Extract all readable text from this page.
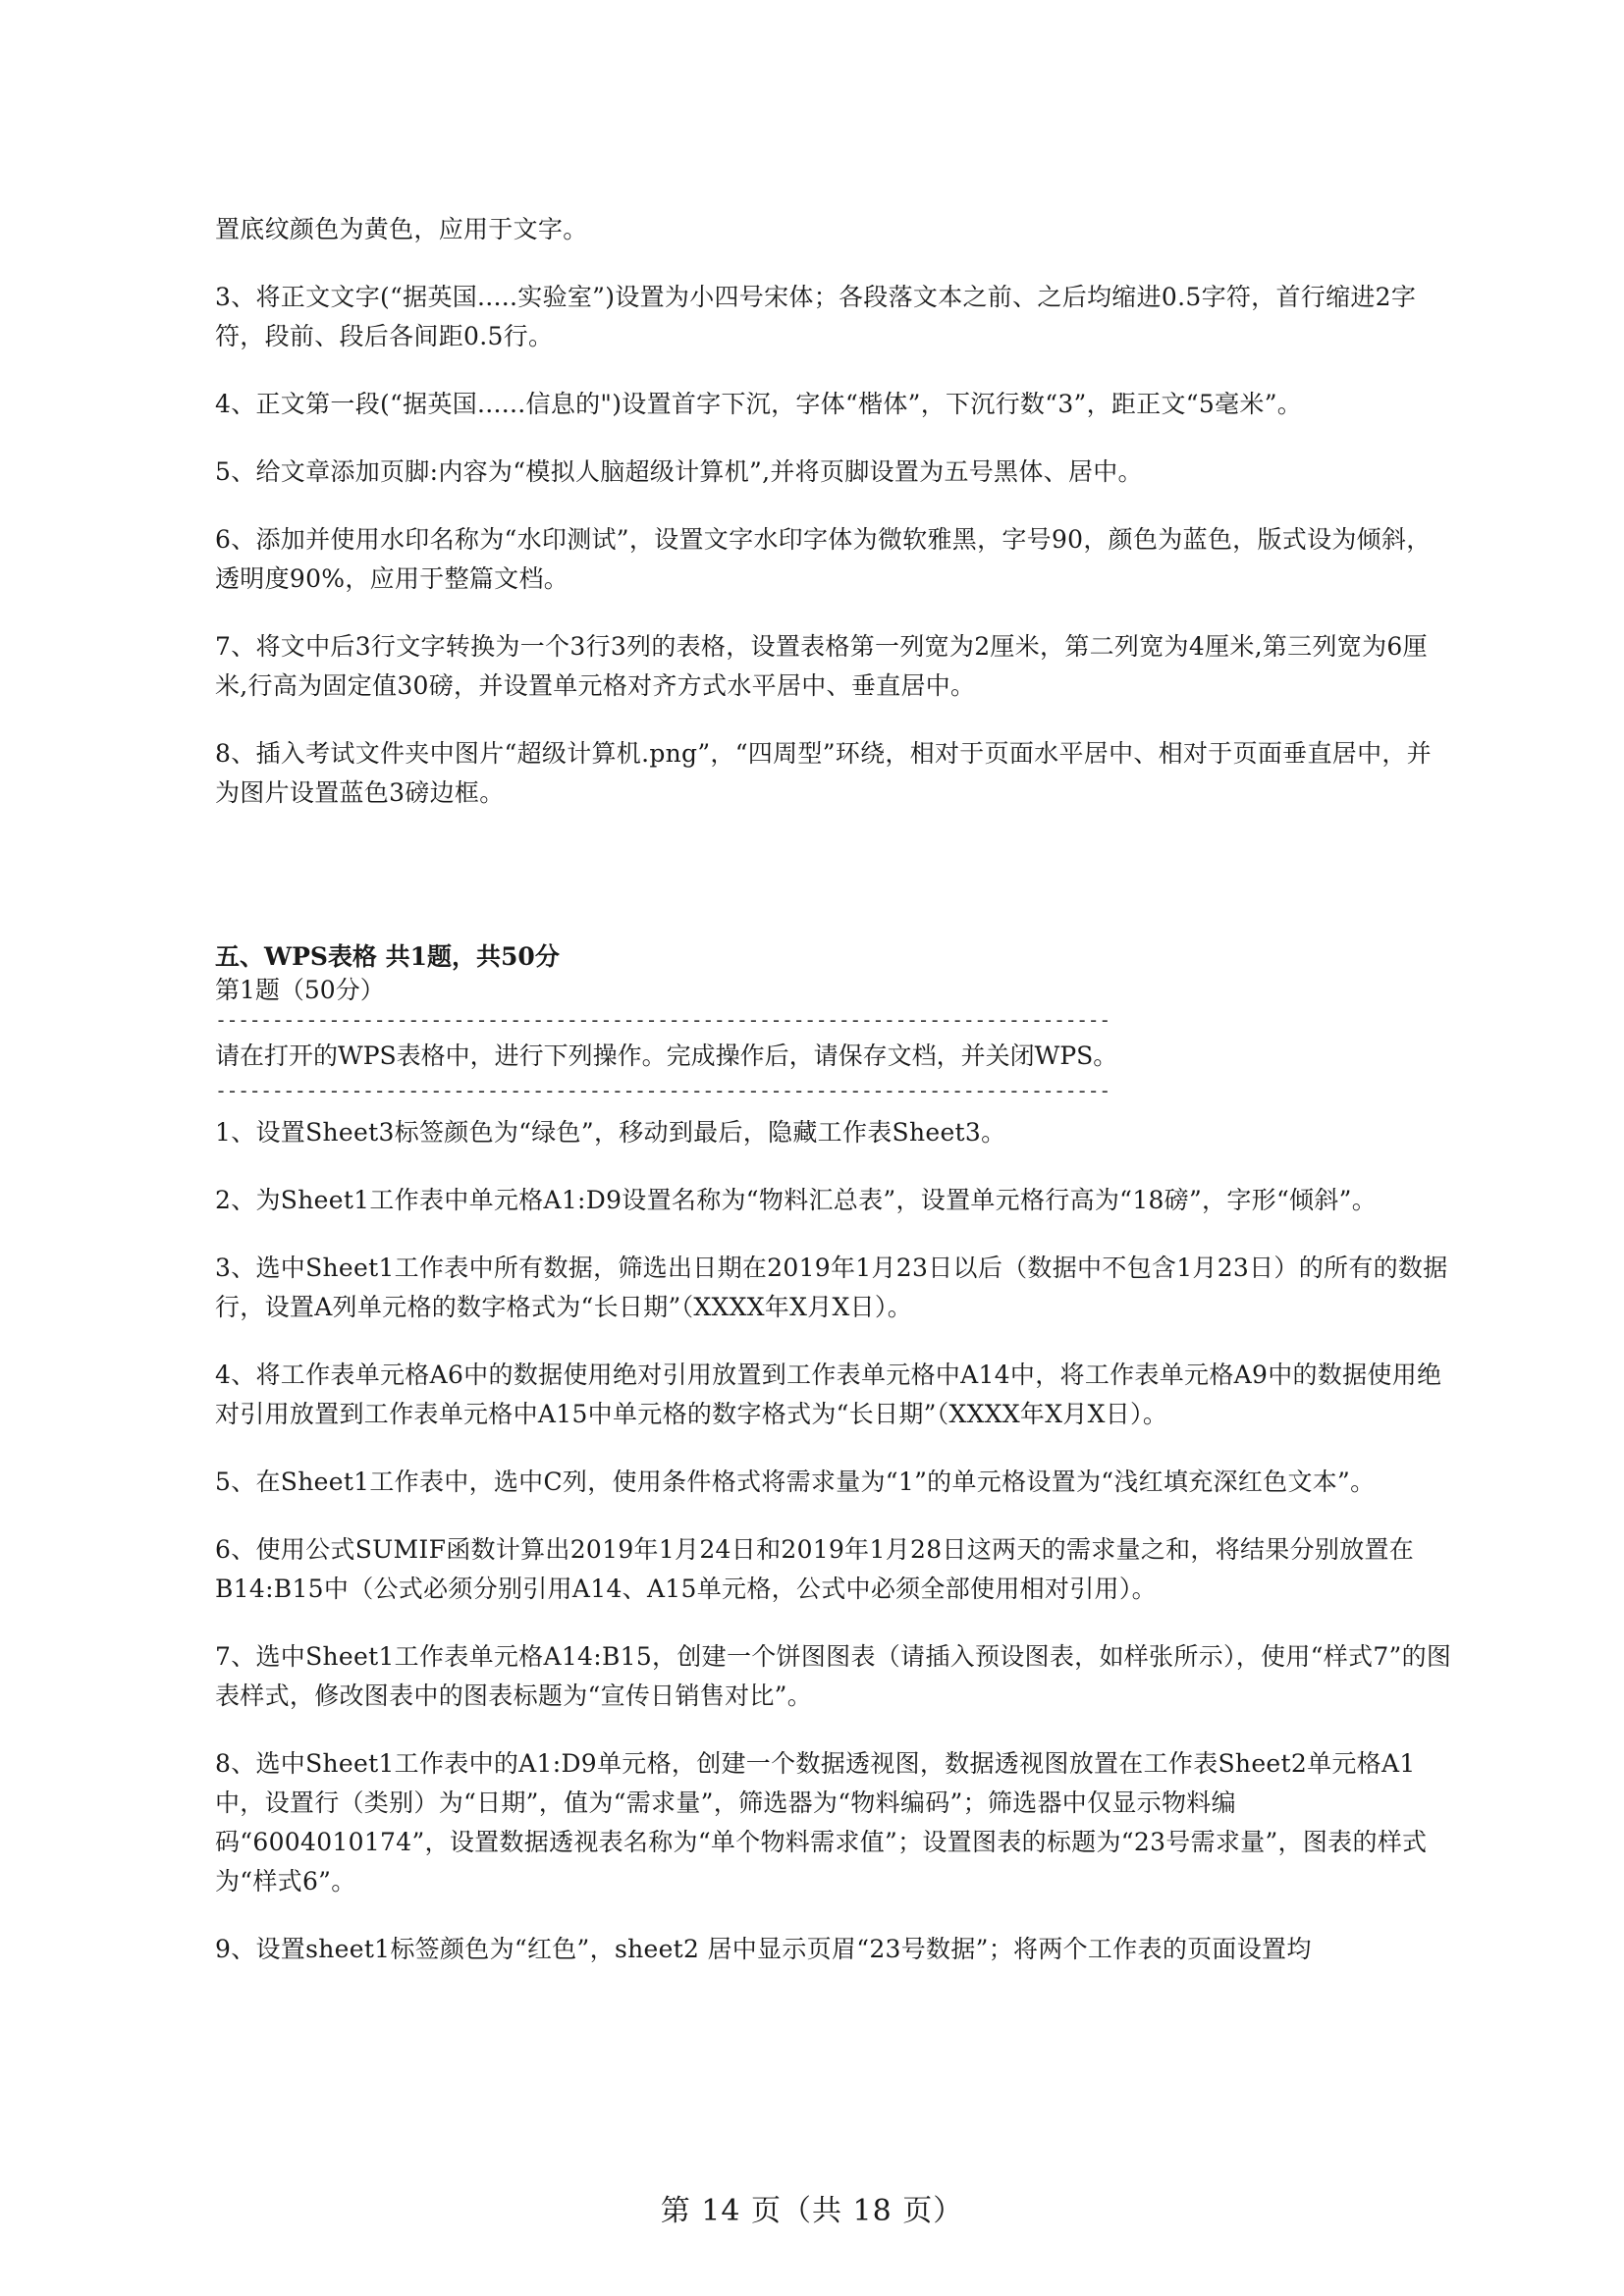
置底纹颜色为黄色，应用于文字。

3、将正文文字(“据英国.....实验室”)设置为小四号宋体；各段落文本之前、之后均缩进0.5字符，首行缩进2字符，段前、段后各间距0.5行。

4、正文第一段(“据英国......信息的")设置首字下沉，字体“楷体”，下沉行数“3”，距正文“5毫米”。

5、给文章添加页脚:内容为“模拟人脑超级计算机”,并将页脚设置为五号黑体、居中。

6、添加并使用水印名称为“水印测试”，设置文字水印字体为微软雅黑，字号90，颜色为蓝色，版式设为倾斜，透明度90%，应用于整篇文档。

7、将文中后3行文字转换为一个3行3列的表格，设置表格第一列宽为2厘米，第二列宽为4厘米,第三列宽为6厘米,行高为固定值30磅，并设置单元格对齐方式水平居中、垂直居中。

8、插入考试文件夹中图片“超级计算机.png”，“四周型”环绕，相对于页面水平居中、相对于页面垂直居中，并为图片设置蓝色3磅边框。

五、WPS表格 共1题，共50分

第1题（50分）

-------------------------------------------------------------------------------

请在打开的WPS表格中，进行下列操作。完成操作后，请保存文档，并关闭WPS。

-------------------------------------------------------------------------------

1、设置Sheet3标签颜色为“绿色”，移动到最后，隐藏工作表Sheet3。

2、为Sheet1工作表中单元格A1:D9设置名称为“物料汇总表”，设置单元格行高为“18磅”，字形“倾斜”。

3、选中Sheet1工作表中所有数据，筛选出日期在2019年1月23日以后（数据中不包含1月23日）的所有的数据行，设置A列单元格的数字格式为“长日期”（XXXX年X月X日）。

4、将工作表单元格A6中的数据使用绝对引用放置到工作表单元格中A14中，将工作表单元格A9中的数据使用绝对引用放置到工作表单元格中A15中单元格的数字格式为“长日期”（XXXX年X月X日）。

5、在Sheet1工作表中，选中C列，使用条件格式将需求量为“1”的单元格设置为“浅红填充深红色文本”。

6、使用公式SUMIF函数计算出2019年1月24日和2019年1月28日这两天的需求量之和，将结果分别放置在B14:B15中（公式必须分别引用A14、A15单元格，公式中必须全部使用相对引用）。

7、选中Sheet1工作表单元格A14:B15，创建一个饼图图表（请插入预设图表，如样张所示），使用“样式7”的图表样式，修改图表中的图表标题为“宣传日销售对比”。

8、选中Sheet1工作表中的A1:D9单元格，创建一个数据透视图，数据透视图放置在工作表Sheet2单元格A1中，设置行（类别）为“日期”，值为“需求量”，筛选器为“物料编码”；筛选器中仅显示物料编码“6004010174”，设置数据透视表名称为“单个物料需求值”；设置图表的标题为“23号需求量”，图表的样式为“样式6”。

9、设置sheet1标签颜色为“红色”，sheet2 居中显示页眉“23号数据”；将两个工作表的页面设置均

第 14 页（共 18 页）
